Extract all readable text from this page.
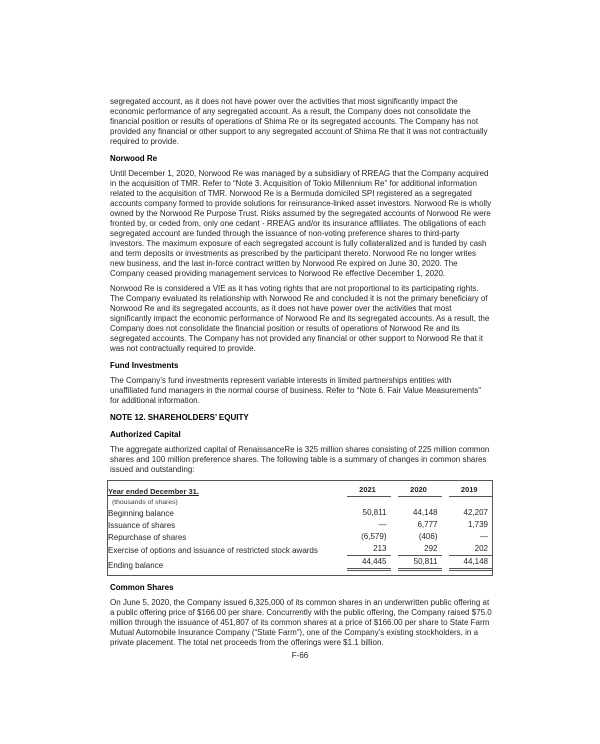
segregated account, as it does not have power over the activities that most significantly impact the economic performance of any segregated account. As a result, the Company does not consolidate the financial position or results of operations of Shima Re or its segregated accounts. The Company has not provided any financial or other support to any segregated account of Shima Re that it was not contractually required to provide.

Norwood Re

Until December 1, 2020, Norwood Re was managed by a subsidiary of RREAG that the Company acquired in the acquisition of TMR. Refer to “Note 3. Acquisition of Tokio Millennium Re” for additional information related to the acquisition of TMR. Norwood Re is a Bermuda domiciled SPI registered as a segregated accounts company formed to provide solutions for reinsurance-linked asset investors. Norwood Re is wholly owned by the Norwood Re Purpose Trust. Risks assumed by the segregated accounts of Norwood Re were fronted by, or ceded from, only one cedant - RREAG and/or its insurance affiliates. The obligations of each segregated account are funded through the issuance of non-voting preference shares to third-party investors. The maximum exposure of each segregated account is fully collateralized and is funded by cash and term deposits or investments as prescribed by the participant thereto. Norwood Re no longer writes new business, and the last in-force contract written by Norwood Re expired on June 30, 2020. The Company ceased providing management services to Norwood Re effective December 1, 2020.

Norwood Re is considered a VIE as it has voting rights that are not proportional to its participating rights. The Company evaluated its relationship with Norwood Re and concluded it is not the primary beneficiary of Norwood Re and its segregated accounts, as it does not have power over the activities that most significantly impact the economic performance of Norwood Re and its segregated accounts. As a result, the Company does not consolidate the financial position or results of operations of Norwood Re and its segregated accounts. The Company has not provided any financial or other support to Norwood Re that it was not contractually required to provide.

Fund Investments

The Company’s fund investments represent variable interests in limited partnerships entities with unaffiliated fund managers in the normal course of business. Refer to “Note 6. Fair Value Measurements” for additional information.

NOTE 12. SHAREHOLDERS’ EQUITY
Authorized Capital

The aggregate authorized capital of RenaissanceRe is 325 million shares consisting of 225 million common shares and 100 million preference shares. The following table is a summary of changes in common shares issued and outstanding:

Year ended December 31.	2021	2020	2019

(thousands of shares)			
Beginning balance	50,811	44,148	42,207

Issuance of shares	—	6,777	1,739

Repurchase of shares	(6,579)	(406)	—

Exercise of options and issuance of restricted stock awards	213	292	202

Ending balance	44,445	50,811	44,148

Common Shares

On June 5, 2020, the Company issued 6,325,000 of its common shares in an underwritten public offering at a public offering price of $166.00 per share. Concurrently with the public offering, the Company raised $75.0 million through the issuance of 451,807 of its common shares at a price of $166.00 per share to State Farm Mutual Automobile Insurance Company (“State Farm”), one of the Company’s existing stockholders, in a private placement. The total net proceeds from the offerings were $1.1 billion.

F-66
